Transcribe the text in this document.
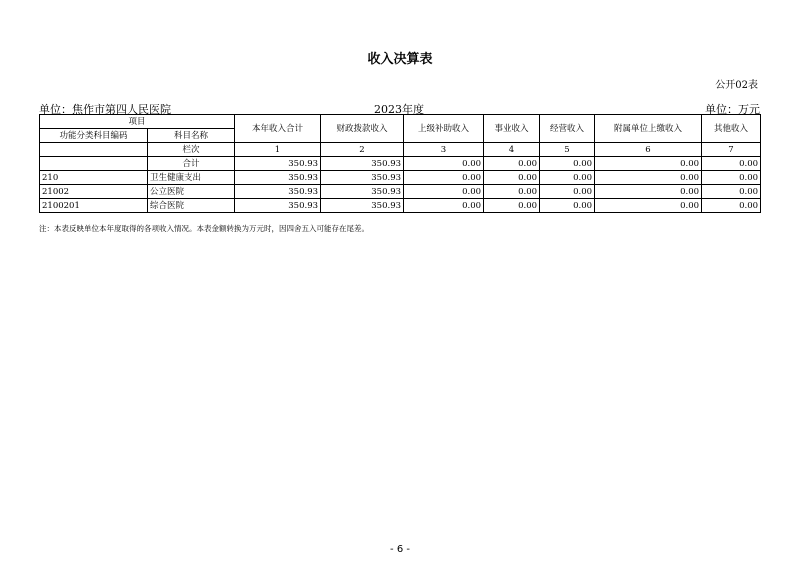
收入决算表
公开02表
单位：焦作市第四人民医院	2023年度	单位：万元
项目		本年收入合计	财政拨款收入	上级补助收入	事业收入	经营收入	附属单位上缴收入	其他收入
功能分类科目编码	科目名称							
	栏次	1	2	3	4	5	6	7
	合计	350.93	350.93	0.00	0.00	0.00	0.00	0.00
210	卫生健康支出	350.93	350.93	0.00	0.00	0.00	0.00	0.00
21002	公立医院	350.93	350.93	0.00	0.00	0.00	0.00	0.00
2100201	综合医院	350.93	350.93	0.00	0.00	0.00	0.00	0.00
注：本表反映单位本年度取得的各项收入情况。本表金额转换为万元时，因四舍五入可能存在尾差。
- 6 -
